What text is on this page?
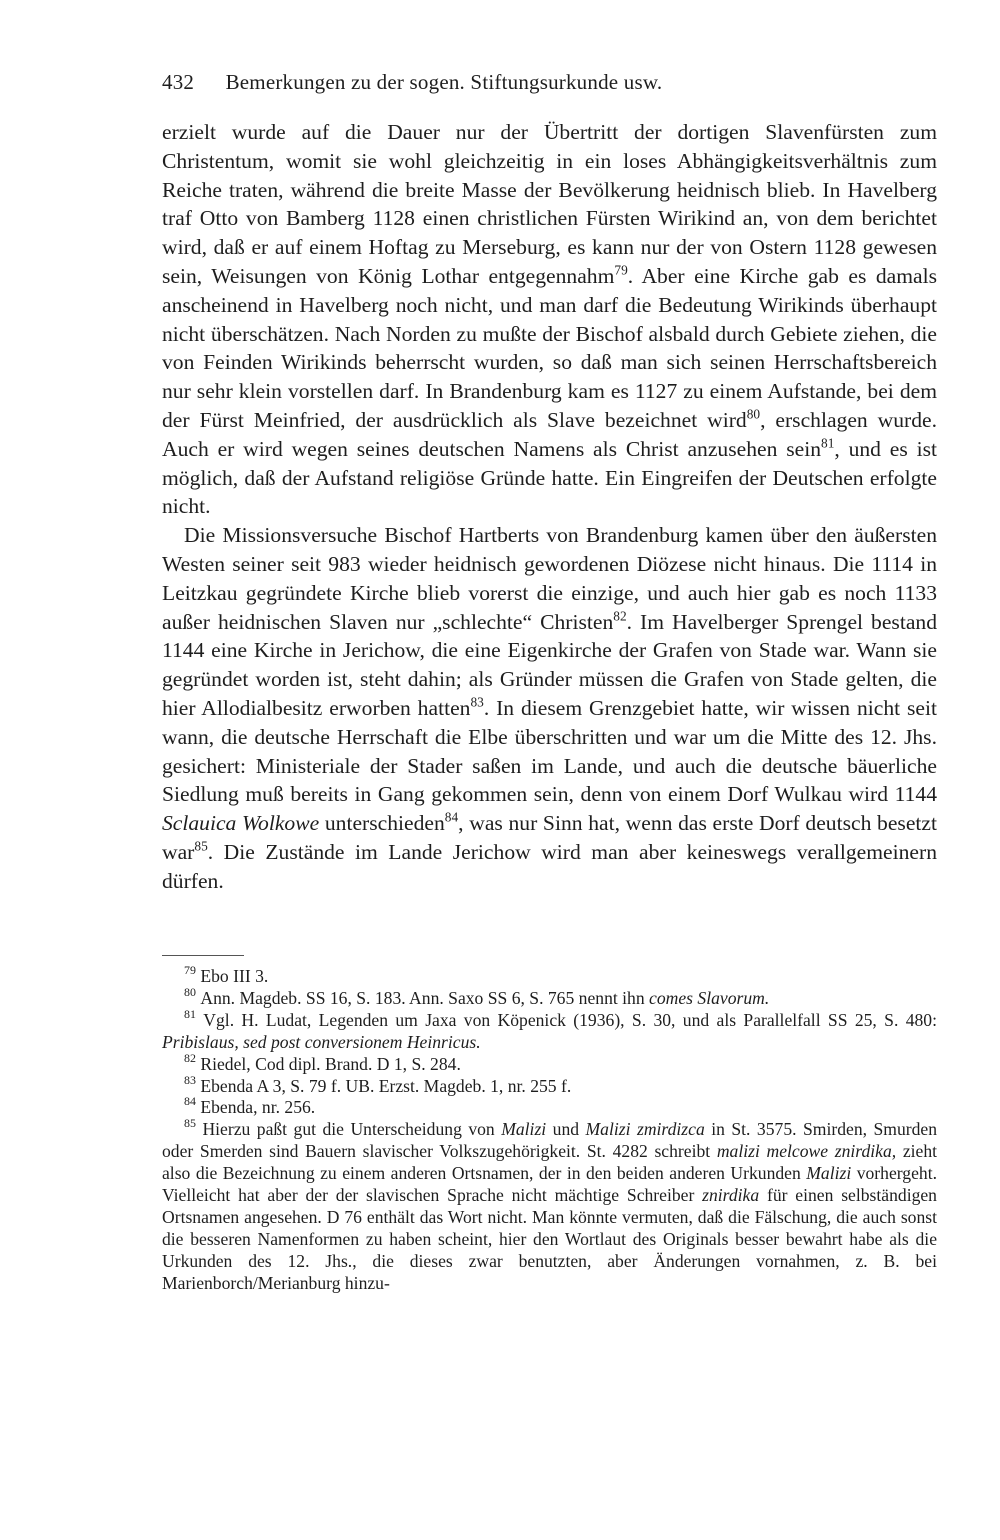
432 Bemerkungen zu der sogen. Stiftungsurkunde usw.

erzielt wurde auf die Dauer nur der Übertritt der dortigen Slavenfürsten zum Christentum, womit sie wohl gleichzeitig in ein loses Abhängigkeitsverhältnis zum Reiche traten, während die breite Masse der Bevölkerung heidnisch blieb. In Havelberg traf Otto von Bamberg 1128 einen christlichen Fürsten Wirikind an, von dem berichtet wird, daß er auf einem Hoftag zu Merseburg, es kann nur der von Ostern 1128 gewesen sein, Weisungen von König Lothar entgegennahm$^{79}$. Aber eine Kirche gab es damals anscheinend in Havelberg noch nicht, und man darf die Bedeutung Wirikinds überhaupt nicht überschätzen. Nach Norden zu mußte der Bischof alsbald durch Gebiete ziehen, die von Feinden Wirikinds beherrscht wurden, so daß man sich seinen Herrschaftsbereich nur sehr klein vorstellen darf. In Brandenburg kam es 1127 zu einem Aufstande, bei dem der Fürst Meinfried, der ausdrücklich als Slave bezeichnet wird$^{80}$, erschlagen wurde. Auch er wird wegen seines deutschen Namens als Christ anzusehen sein$^{81}$, und es ist möglich, daß der Aufstand religiöse Gründe hatte. Ein Eingreifen der Deutschen erfolgte nicht.

Die Missionsversuche Bischof Hartberts von Brandenburg kamen über den äußersten Westen seiner seit 983 wieder heidnisch gewordenen Diözese nicht hinaus. Die 1114 in Leitzkau gegründete Kirche blieb vorerst die einzige, und auch hier gab es noch 1133 außer heidnischen Slaven nur „schlechte“ Christen$^{82}$. Im Havelberger Sprengel bestand 1144 eine Kirche in Jerichow, die eine Eigenkirche der Grafen von Stade war. Wann sie gegründet worden ist, steht dahin; als Gründer müssen die Grafen von Stade gelten, die hier Allodialbesitz erworben hatten$^{83}$. In diesem Grenzgebiet hatte, wir wissen nicht seit wann, die deutsche Herrschaft die Elbe überschritten und war um die Mitte des 12. Jhs. gesichert: Ministeriale der Stader saßen im Lande, und auch die deutsche bäuerliche Siedlung muß bereits in Gang gekommen sein, denn von einem Dorf Wulkau wird 1144 Sclauica Wolkowe unterschieden$^{84}$, was nur Sinn hat, wenn das erste Dorf deutsch besetzt war$^{85}$. Die Zustände im Lande Jerichow wird man aber keineswegs verallgemeinern dürfen.

$^{79}$ Ebo III 3.

$^{80}$ Ann. Magdeb. SS 16, S. 183. Ann. Saxo SS 6, S. 765 nennt ihn comes Slavorum.

$^{81}$ Vgl. H. Ludat, Legenden um Jaxa von Köpenick (1936), S. 30, und als Parallelfall SS 25, S. 480: Pribislaus, sed post conversionem Heinricus.

$^{82}$ Riedel, Cod dipl. Brand. D 1, S. 284.

$^{83}$ Ebenda A 3, S. 79 f. UB. Erzst. Magdeb. 1, nr. 255 f.

$^{84}$ Ebenda, nr. 256.

$^{85}$ Hierzu paßt gut die Unterscheidung von Malizi und Malizi zmirdizca in St. 3575. Smirden, Smurden oder Smerden sind Bauern slavischer Volkszugehörigkeit. St. 4282 schreibt malizi melcowe znirdika, zieht also die Bezeichnung zu einem anderen Ortsnamen, der in den beiden anderen Urkunden Malizi vorhergeht. Vielleicht hat aber der der slavischen Sprache nicht mächtige Schreiber znirdika für einen selbständigen Ortsnamen angesehen. D 76 enthält das Wort nicht. Man könnte vermuten, daß die Fälschung, die auch sonst die besseren Namenformen zu haben scheint, hier den Wortlaut des Originals besser bewahrt habe als die Urkunden des 12. Jhs., die dieses zwar benutzten, aber Änderungen vornahmen, z. B. bei Marienborch/Merianburg hinzu-
